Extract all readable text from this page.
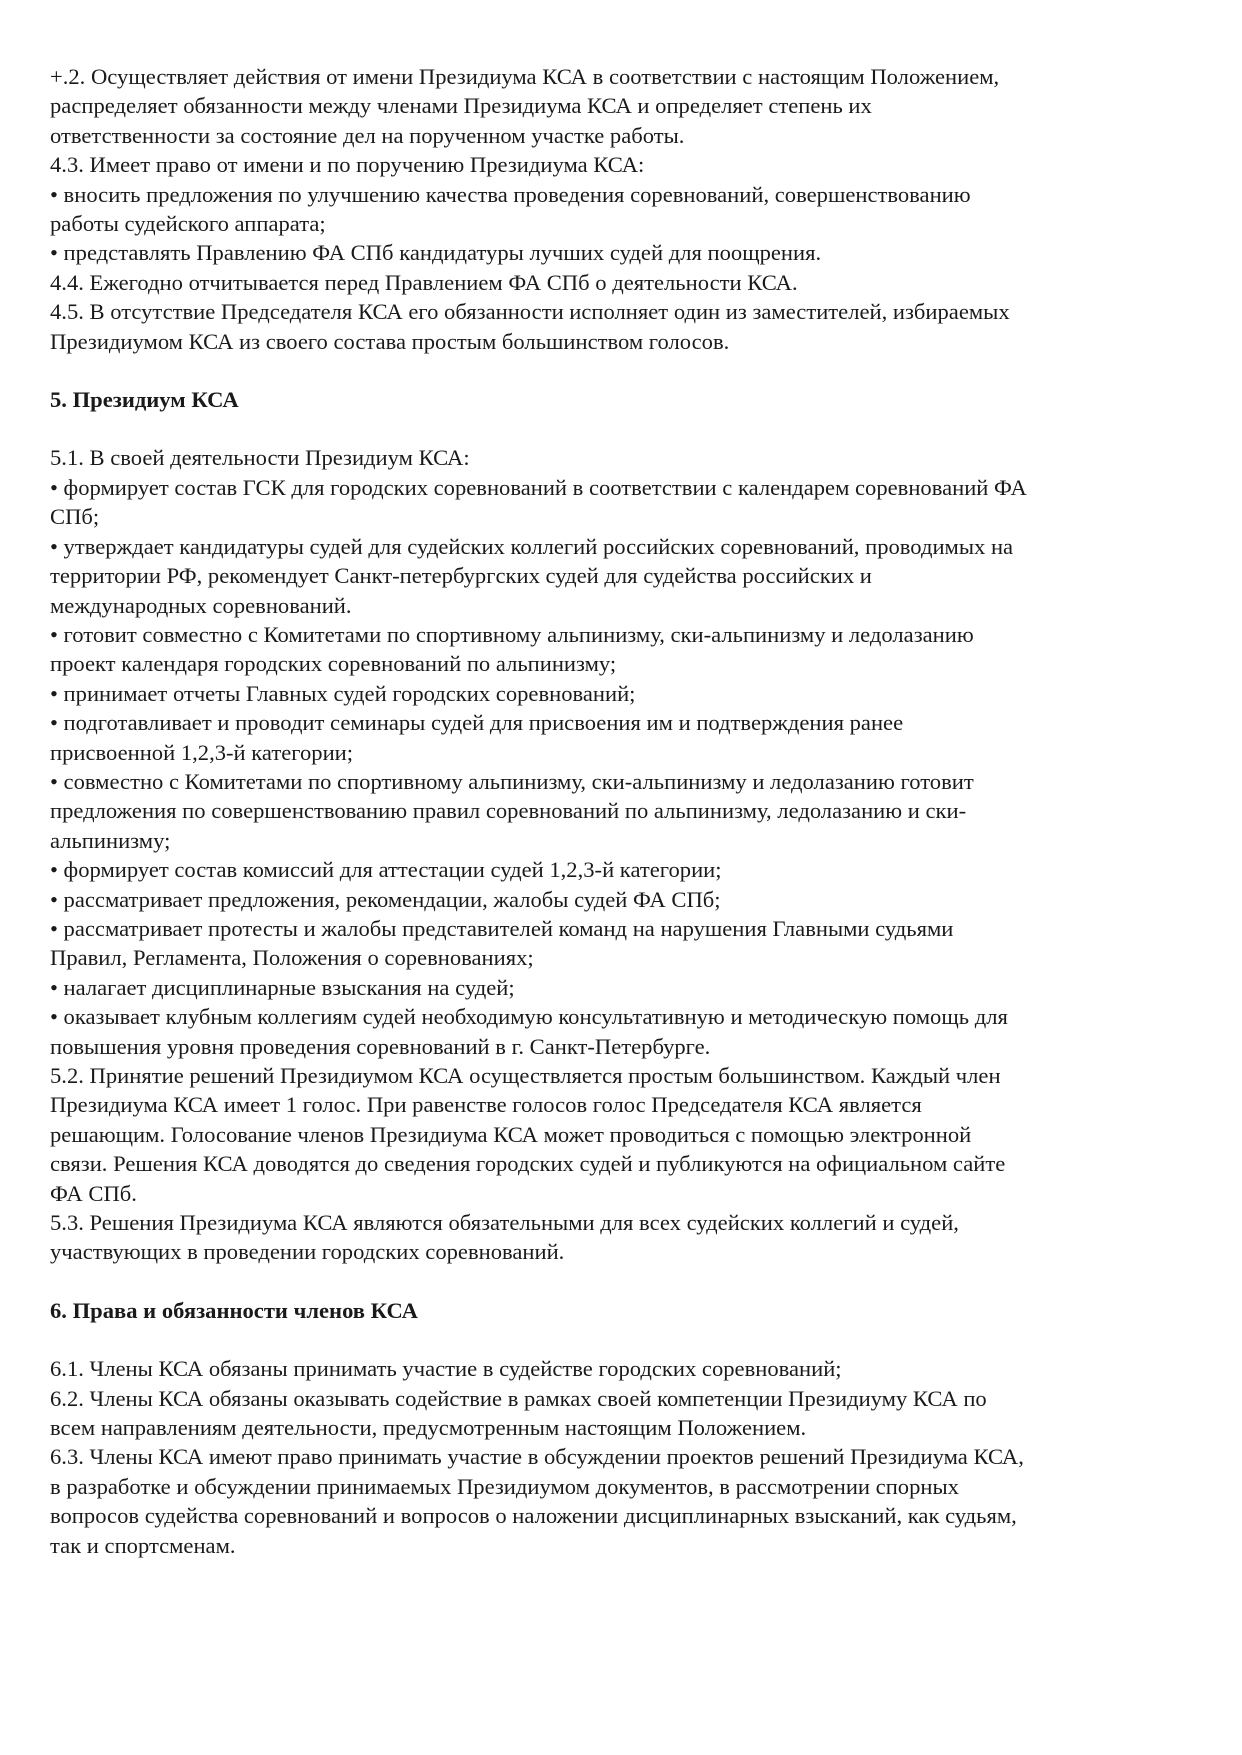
+.2. Осуществляет действия от имени Президиума КСА в соответствии с настоящим Положением,
распределяет обязанности между членами Президиума КСА и определяет степень их
ответственности за состояние дел на порученном участке работы.
4.3. Имеет право от имени и по поручению Президиума КСА:
• вносить предложения по улучшению качества проведения соревнований, совершенствованию
работы судейского аппарата;
• представлять Правлению ФА СПб кандидатуры лучших судей для поощрения.
4.4. Ежегодно отчитывается перед Правлением ФА СПб о деятельности КСА.
4.5. В отсутствие Председателя КСА его обязанности исполняет один из заместителей, избираемых
Президиумом КСА из своего состава простым большинством голосов.
5. Президиум КСА
5.1. В своей деятельности Президиум КСА:
• формирует состав ГСК для городских соревнований в соответствии с календарем соревнований ФА
СПб;
• утверждает кандидатуры судей для судейских коллегий российских соревнований, проводимых на
территории РФ, рекомендует Санкт-петербургских судей для судейства российских и
международных соревнований.
• готовит совместно с Комитетами по спортивному альпинизму, ски-альпинизму и ледолазанию
проект календаря городских соревнований по альпинизму;
• принимает отчеты Главных судей городских соревнований;
• подготавливает и проводит семинары судей для присвоения им и подтверждения ранее
присвоенной 1,2,3-й категории;
• совместно с Комитетами по спортивному альпинизму, ски-альпинизму и ледолазанию готовит
предложения по совершенствованию правил соревнований по альпинизму, ледолазанию и ски-
альпинизму;
• формирует состав комиссий для аттестации судей 1,2,3-й категории;
• рассматривает предложения, рекомендации, жалобы судей ФА СПб;
• рассматривает протесты и жалобы представителей команд на нарушения Главными судьями
Правил, Регламента, Положения о соревнованиях;
• налагает дисциплинарные взыскания на судей;
• оказывает клубным коллегиям судей необходимую консультативную и методическую помощь для
повышения уровня проведения соревнований в г. Санкт-Петербурге.
5.2. Принятие решений Президиумом КСА осуществляется простым большинством. Каждый член
Президиума КСА имеет 1 голос. При равенстве голосов голос Председателя КСА является
решающим. Голосование членов Президиума КСА может проводиться с помощью электронной
связи. Решения КСА доводятся до сведения городских судей и публикуются на официальном сайте
ФА СПб.
5.3. Решения Президиума КСА являются обязательными для всех судейских коллегий и судей,
участвующих в проведении городских соревнований.
6. Права и обязанности членов КСА
6.1. Члены КСА обязаны принимать участие в судействе городских соревнований;
6.2. Члены КСА обязаны оказывать содействие в рамках своей компетенции Президиуму КСА по
всем направлениям деятельности, предусмотренным настоящим Положением.
6.3. Члены КСА имеют право принимать участие в обсуждении проектов решений Президиума КСА,
в разработке и обсуждении принимаемых Президиумом документов, в рассмотрении спорных
вопросов судейства соревнований и вопросов о наложении дисциплинарных взысканий, как судьям,
так и спортсменам.
